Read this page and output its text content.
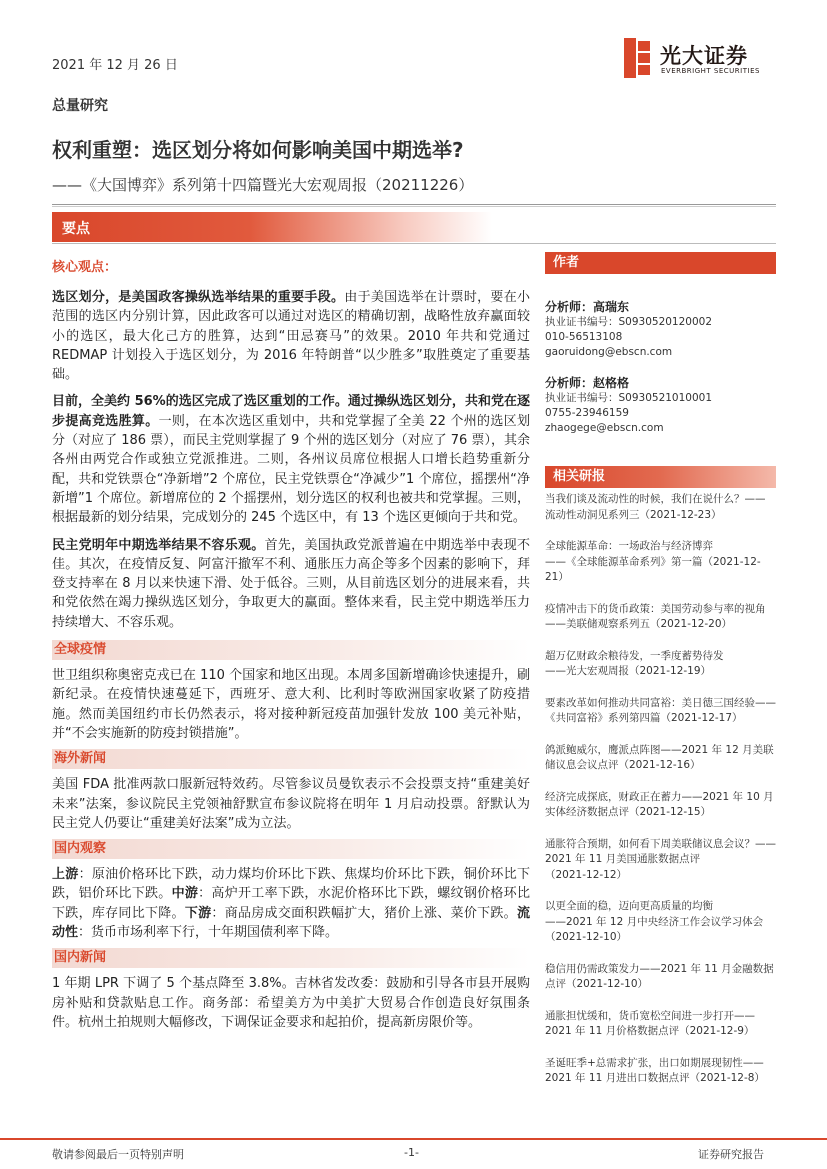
2021 年 12 月 26 日	光大证券
EVERBRIGHT SECURITIES
总量研究
权利重塑：选区划分将如何影响美国中期选举?
——《大国博弈》系列第十四篇暨光大宏观周报（20211226）
要点
核心观点：

选区划分，是美国政客操纵选举结果的重要手段。由于美国选举在计票时，要在小范围的选区内分别计算，因此政客可以通过对选区的精确切割，战略性放弃赢面较小的选区，最大化己方的胜算，达到“田忌赛马”的效果。2010 年共和党通过 REDMAP 计划投入于选区划分，为 2016 年特朗普“以少胜多”取胜奠定了重要基础。

目前，全美约 56%的选区完成了选区重划的工作。通过操纵选区划分，共和党在逐步提高竞选胜算。一则，在本次选区重划中，共和党掌握了全美 22 个州的选区划分（对应了 186 票），而民主党则掌握了 9 个州的选区划分（对应了 76 票），其余各州由两党合作或独立党派推进。二则，各州议员席位根据人口增长趋势重新分配，共和党铁票仓“净新增”2 个席位，民主党铁票仓“净减少”1 个席位，摇摆州“净新增”1 个席位。新增席位的 2 个摇摆州，划分选区的权利也被共和党掌握。三则，根据最新的划分结果，完成划分的 245 个选区中，有 13 个选区更倾向于共和党。

民主党明年中期选举结果不容乐观。首先，美国执政党派普遍在中期选举中表现不佳。其次，在疫情反复、阿富汗撤军不利、通胀压力高企等多个因素的影响下，拜登支持率在 8 月以来快速下滑、处于低谷。三则，从目前选区划分的进展来看，共和党依然在竭力操纵选区划分，争取更大的赢面。整体来看，民主党中期选举压力持续增大、不容乐观。

全球疫情

世卫组织称奥密克戎已在 110 个国家和地区出现。本周多国新增确诊快速提升，刷新纪录。在疫情快速蔓延下，西班牙、意大利、比利时等欧洲国家收紧了防疫措施。然而美国纽约市长仍然表示，将对接种新冠疫苗加强针发放 100 美元补贴，并“不会实施新的防疫封锁措施”。

海外新闻

美国 FDA 批准两款口服新冠特效药。尽管参议员曼钦表示不会投票支持“重建美好未来”法案，参议院民主党领袖舒默宣布参议院将在明年 1 月启动投票。舒默认为民主党人仍要让“重建美好法案”成为立法。

国内观察

上游：原油价格环比下跌，动力煤均价环比下跌、焦煤均价环比下跌，铜价环比下跌，铝价环比下跌。中游：高炉开工率下跌，水泥价格环比下跌，螺纹钢价格环比下跌，库存同比下降。下游：商品房成交面积跌幅扩大，猪价上涨、菜价下跌。流动性：货币市场利率下行，十年期国债利率下降。

国内新闻

1 年期 LPR 下调了 5 个基点降至 3.8%。吉林省发改委：鼓励和引导各市县开展购房补贴和贷款贴息工作。商务部：希望美方为中美扩大贸易合作创造良好氛围条件。杭州土拍规则大幅修改，下调保证金要求和起拍价，提高新房限价等。

作者
分析师：高瑞东
执业证书编号：S0930520120002
010-56513108
gaoruidong@ebscn.com
分析师：赵格格
执业证书编号：S0930521010001
0755-23946159
zhaogege@ebscn.com
相关研报
当我们谈及流动性的时候，我们在说什么？——
流动性动洞见系列三（2021-12-23）
全球能源革命：一场政治与经济博弈
——《全球能源革命系列》第一篇（2021-12-21）
疫情冲击下的货币政策：美国劳动参与率的视角
——美联储观察系列五（2021-12-20）
超万亿财政余粮待发，一季度蓄势待发
——光大宏观周报（2021-12-19）
要素改革如何推动共同富裕：美日德三国经验——
《共同富裕》系列第四篇（2021-12-17）
鸽派鲍威尔，鹰派点阵图——2021 年 12 月美联
储议息会议点评（2021-12-16）
经济完成探底，财政正在蓄力——2021 年 10 月
实体经济数据点评（2021-12-15）
通胀符合预期，如何看下周美联储议息会议？——
2021 年 11 月美国通胀数据点评
（2021-12-12）
以更全面的稳，迈向更高质量的均衡
——2021 年 12 月中央经济工作会议学习体会
（2021-12-10）
稳信用仍需政策发力——2021 年 11 月金融数据
点评（2021-12-10）
通胀担忧缓和，货币宽松空间进一步打开——
2021 年 11 月价格数据点评（2021-12-9）
圣诞旺季+总需求扩张，出口如期展现韧性——
2021 年 11 月进出口数据点评（2021-12-8）
敬请参阅最后一页特别声明	-1-	证券研究报告
